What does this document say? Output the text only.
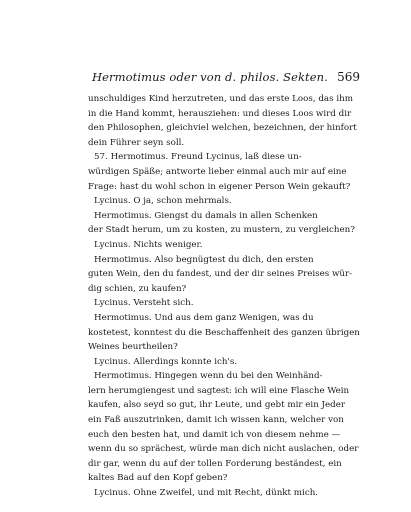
Hermotimus oder von d. philos. Sekten. 569
unschuldiges Kind herzutreten, und das erste Loos, das ihm
in die Hand kommt, herausziehen: und dieses Loos wird dir
den Philosophen, gleichviel welchen, bezeichnen, der hinfort
dein Führer seyn soll.
57. Hermotimus. Freund Lycinus, laß diese un-
würdigen Späße; antworte lieber einmal auch mir auf eine
Frage: hast du wohl schon in eigener Person Wein gekauft?
Lycinus. O ja, schon mehrmals.
Hermotimus. Giengst du damals in allen Schenken
der Stadt herum, um zu kosten, zu mustern, zu vergleichen?
Lycinus. Nichts weniger.
Hermotimus. Also begnügtest du dich, den ersten
guten Wein, den du fandest, und der dir seines Preises wür-
dig schien, zu kaufen?
Lycinus. Versteht sich.
Hermotimus. Und aus dem ganz Wenigen, was du
kostetest, konntest du die Beschaffenheit des ganzen übrigen
Weines beurtheilen?
Lycinus. Allerdings konnte ich's.
Hermotimus. Hingegen wenn du bei den Weinhänd-
lern herumgiengest und sagtest: ich will eine Flasche Wein
kaufen, also seyd so gut, ihr Leute, und gebt mir ein Jeder
ein Faß auszutrinken, damit ich wissen kann, welcher von
euch den besten hat, und damit ich von diesem nehme —
wenn du so sprächest, würde man dich nicht auslachen, oder
dir gar, wenn du auf der tollen Forderung beständest, ein
kaltes Bad auf den Kopf geben?
Lycinus. Ohne Zweifel, und mit Recht, dünkt mich.
